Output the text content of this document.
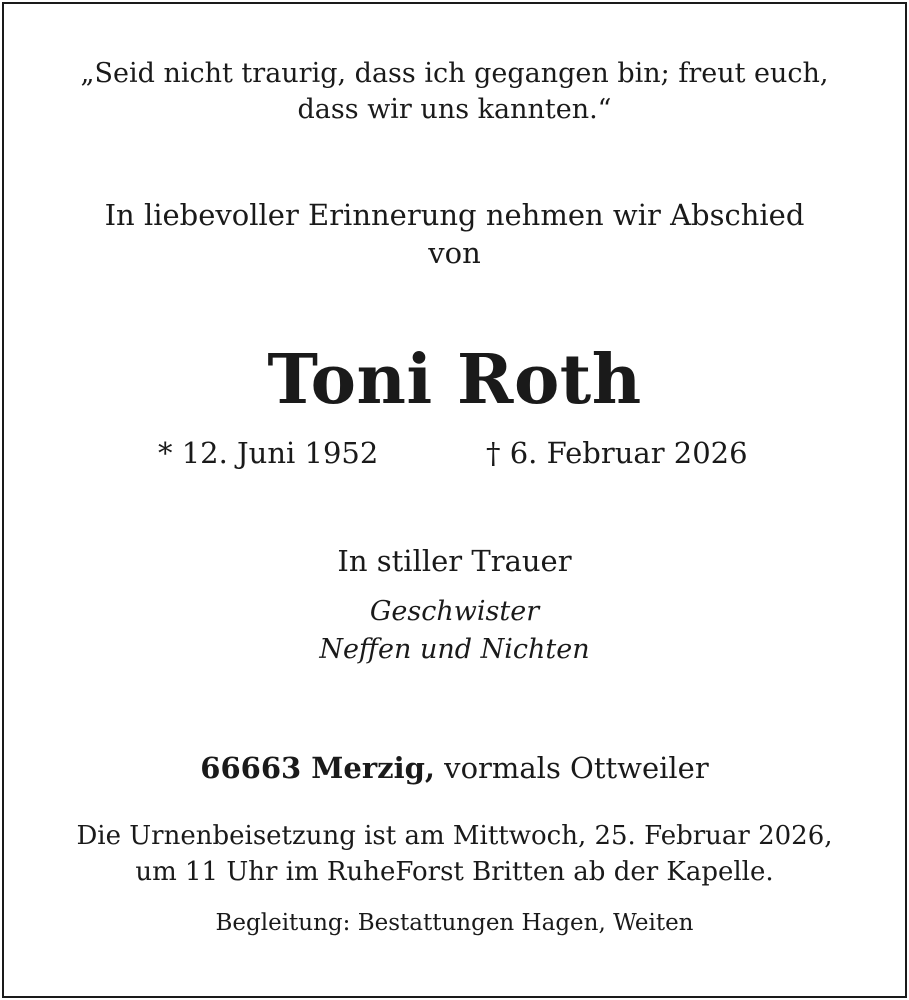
„Seid nicht traurig, dass ich gegangen bin; freut euch,
dass wir uns kannten.“
In liebevoller Erinnerung nehmen wir Abschied
von
Toni Roth
* 12. Juni 1952	† 6. Februar 2026
In stiller Trauer
Geschwister
Neffen und Nichten
66663 Merzig, vormals Ottweiler
Die Urnenbeisetzung ist am Mittwoch, 25. Februar 2026,
um 11 Uhr im RuheForst Britten ab der Kapelle.
Begleitung: Bestattungen Hagen, Weiten
